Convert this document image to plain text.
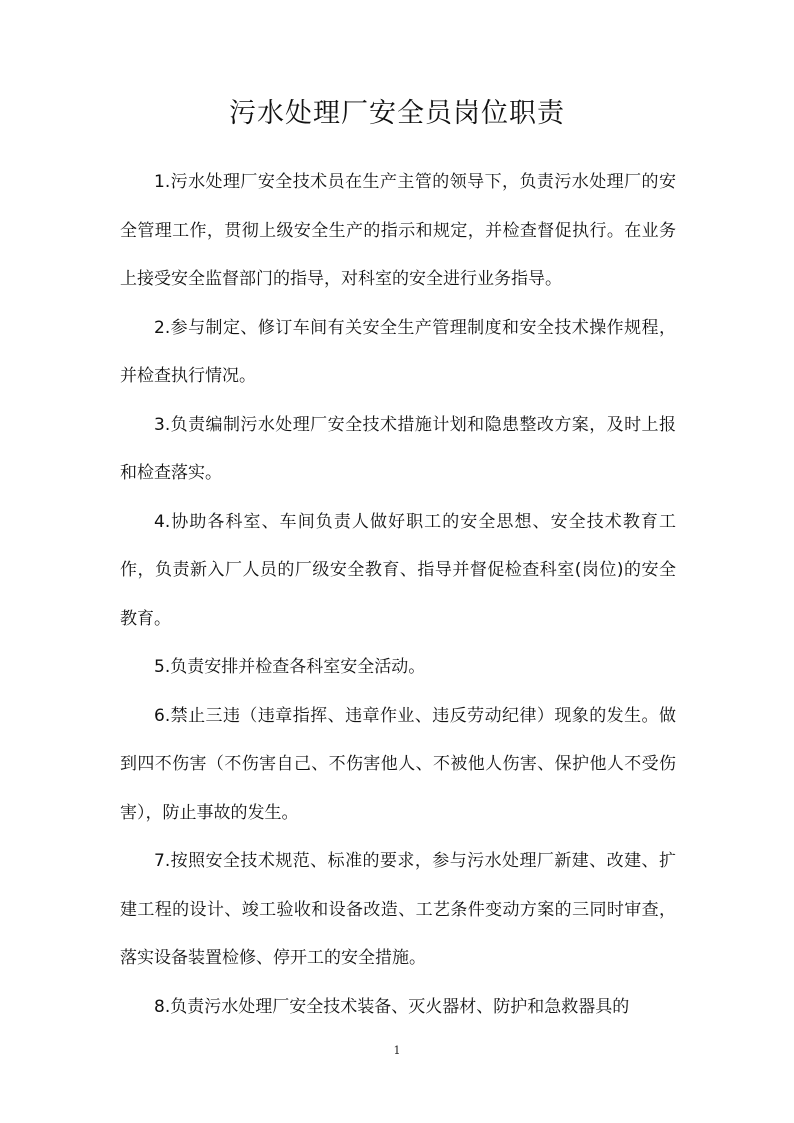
污水处理厂安全员岗位职责

1.污水处理厂安全技术员在生产主管的领导下，负责污水处理厂的安全管理工作，贯彻上级安全生产的指示和规定，并检查督促执行。在业务上接受安全监督部门的指导，对科室的安全进行业务指导。

2.参与制定、修订车间有关安全生产管理制度和安全技术操作规程，并检查执行情况。

3.负责编制污水处理厂安全技术措施计划和隐患整改方案，及时上报和检查落实。

4.协助各科室、车间负责人做好职工的安全思想、安全技术教育工作，负责新入厂人员的厂级安全教育、指导并督促检查科室(岗位)的安全教育。

5.负责安排并检查各科室安全活动。

6.禁止三违（违章指挥、违章作业、违反劳动纪律）现象的发生。做到四不伤害（不伤害自己、不伤害他人、不被他人伤害、保护他人不受伤害），防止事故的发生。

7.按照安全技术规范、标准的要求，参与污水处理厂新建、改建、扩建工程的设计、竣工验收和设备改造、工艺条件变动方案的三同时审查，落实设备装置检修、停开工的安全措施。

8.负责污水处理厂安全技术装备、灭火器材、防护和急救器具的

1
